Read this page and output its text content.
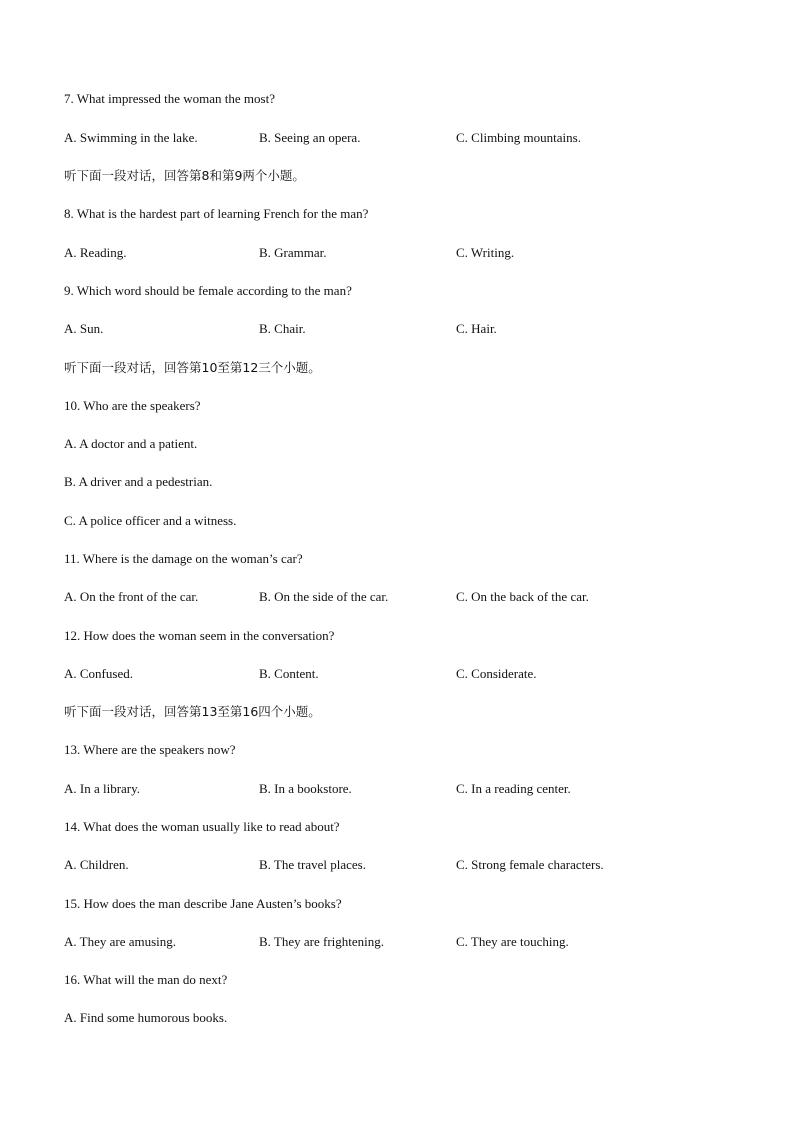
7. What impressed the woman the most?
A. Swimming in the lake.	B. Seeing an opera.	C. Climbing mountains.
听下面一段对话，回答第8和第9两个小题。
8. What is the hardest part of learning French for the man?
A. Reading.	B. Grammar.	C. Writing.
9. Which word should be female according to the man?
A. Sun.	B. Chair.	C. Hair.
听下面一段对话，回答第10至第12三个小题。
10. Who are the speakers?
A. A doctor and a patient.
B. A driver and a pedestrian.
C. A police officer and a witness.
11. Where is the damage on the woman’s car?
A. On the front of the car.	B. On the side of the car.	C. On the back of the car.
12. How does the woman seem in the conversation?
A. Confused.	B. Content.	C. Considerate.
听下面一段对话，回答第13至第16四个小题。
13. Where are the speakers now?
A. In a library.	B. In a bookstore.	C. In a reading center.
14. What does the woman usually like to read about?
A. Children.	B. The travel places.	C. Strong female characters.
15. How does the man describe Jane Austen’s books?
A. They are amusing.	B. They are frightening.	C. They are touching.
16. What will the man do next?
A. Find some humorous books.
